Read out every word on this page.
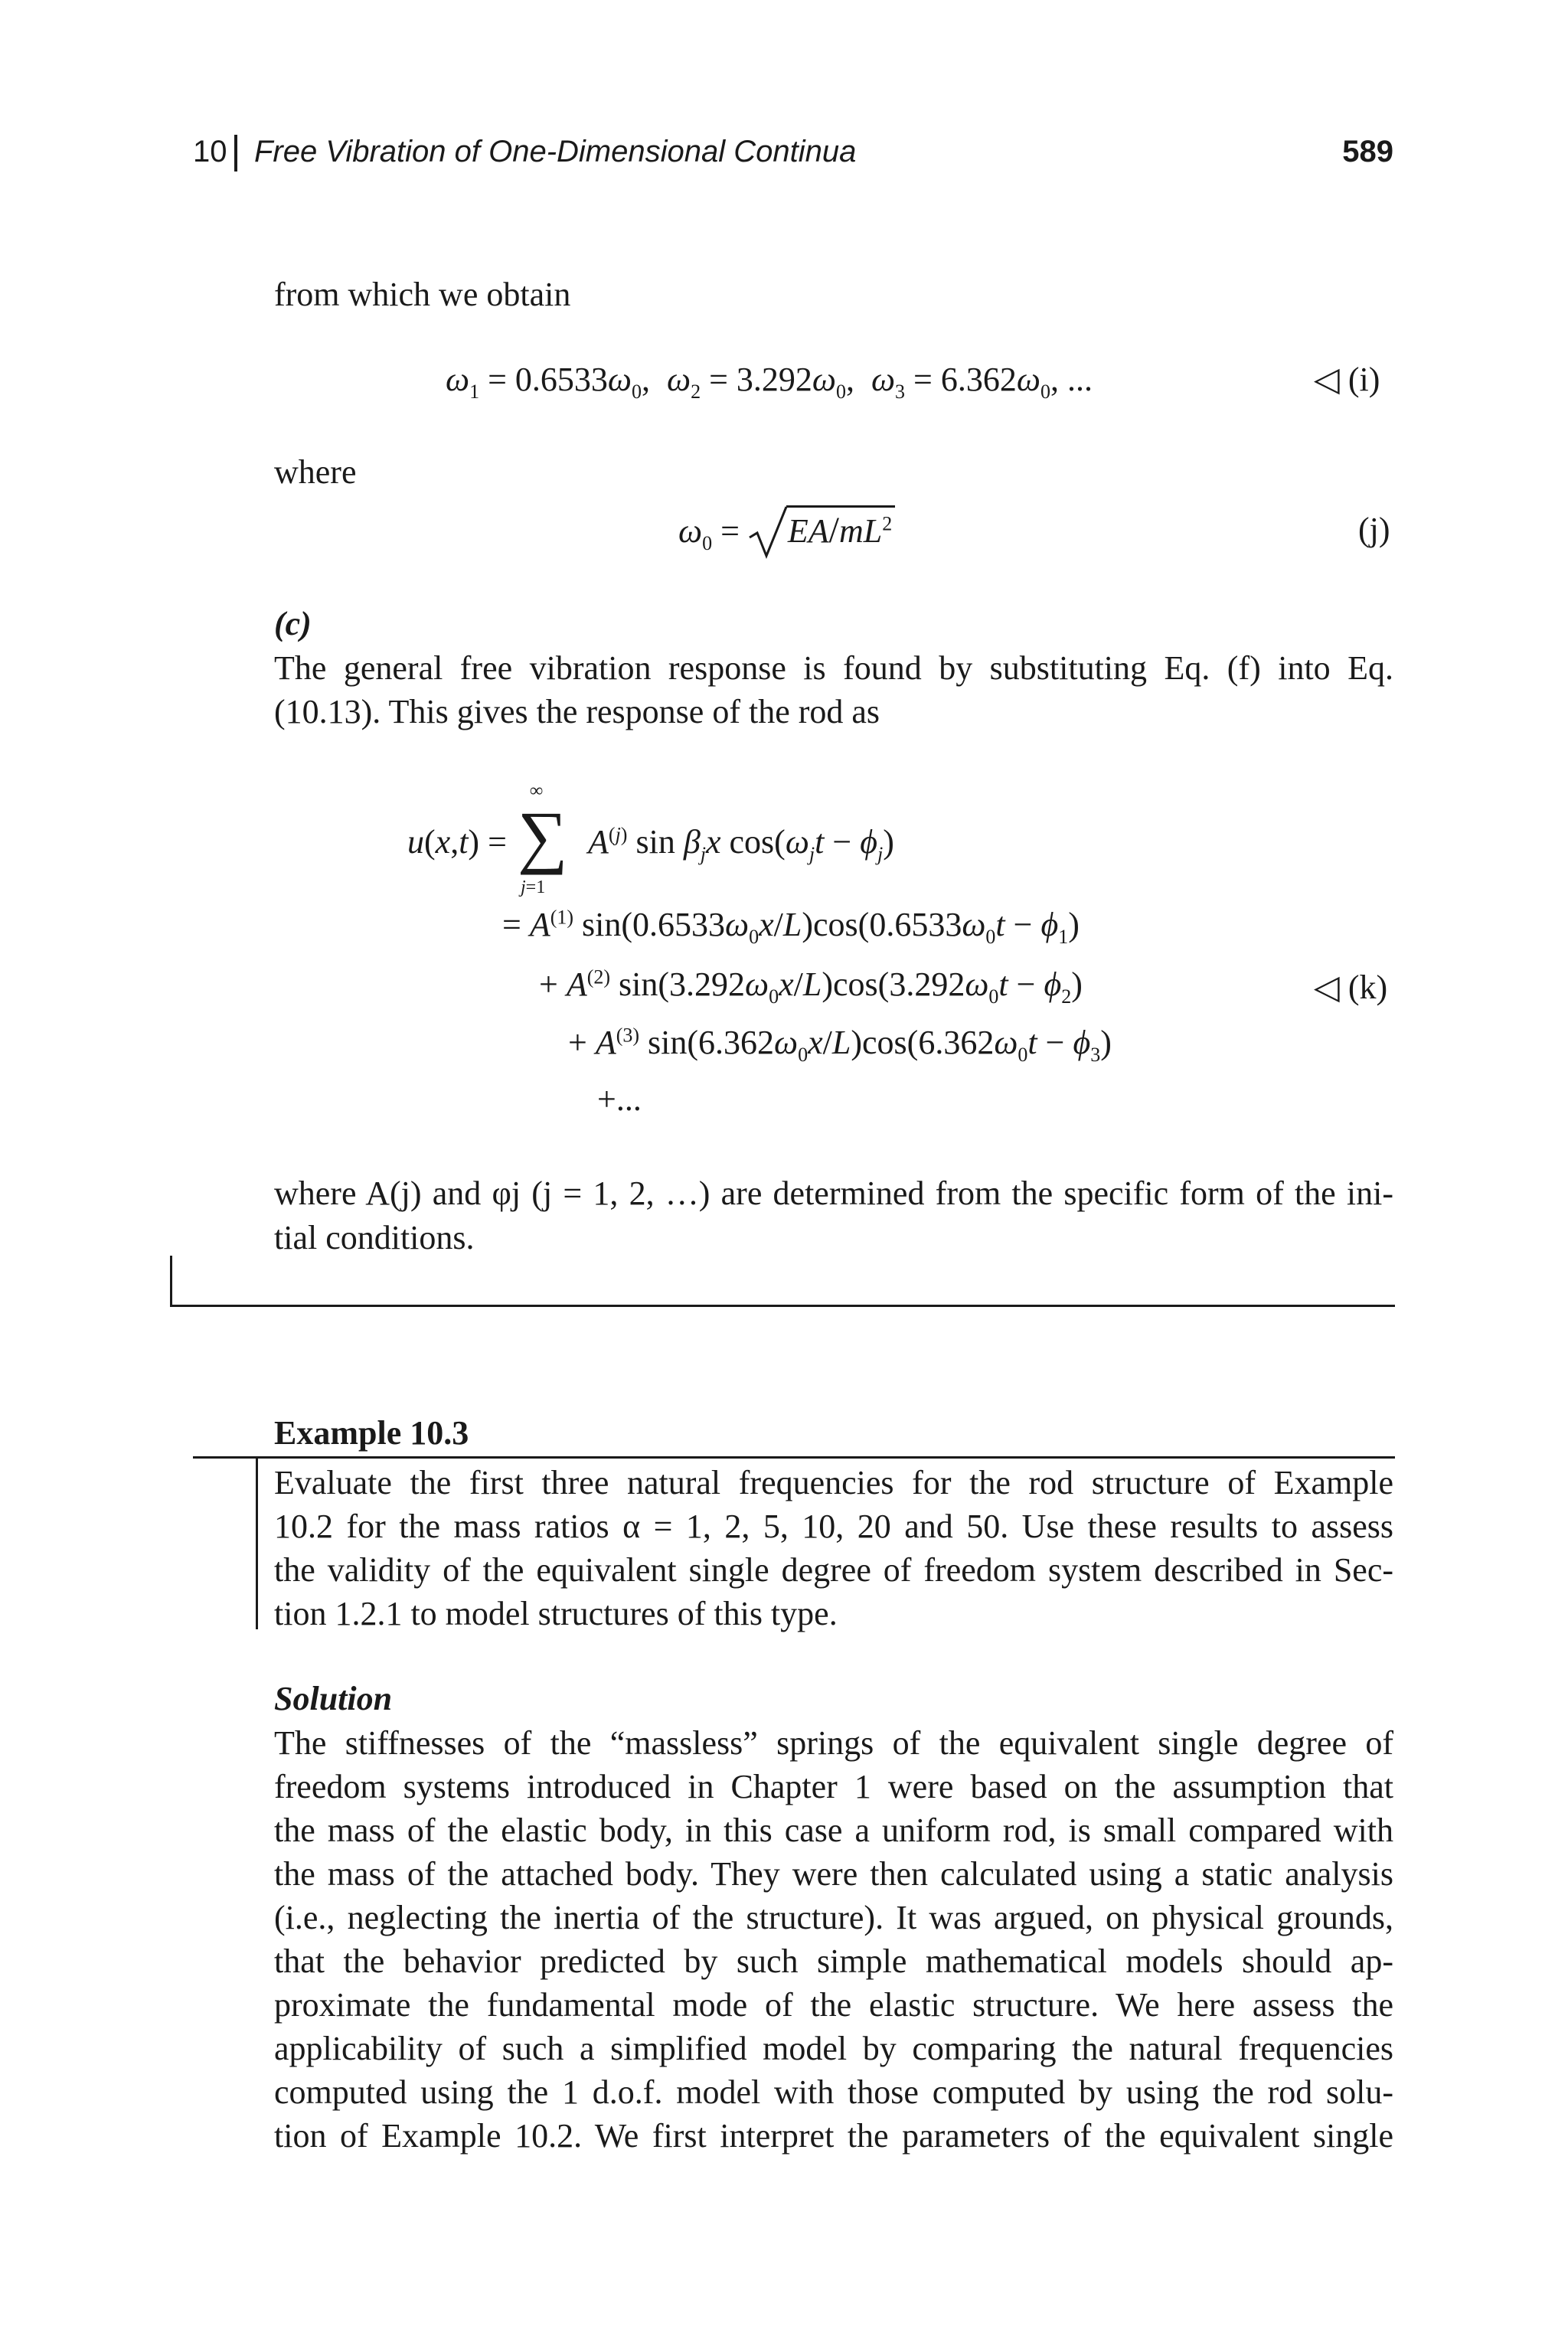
10 Free Vibration of One-Dimensional Continua	589
from which we obtain
$\omega_1 = 0.6533\omega_0$,  $\omega_2 = 3.292\omega_0$,  $\omega_3 = 6.362\omega_0$, ...	◁ (i)
where
$\omega_0 = EA/mL^2$	(j)
(c)
The general free vibration response is found by substituting Eq. (f) into Eq.
(10.13). This gives the response of the rod as
u(x,t) =
∞
∑
j=1
$A^{(j)}$ $\sin \beta_jx$ $\cos(\omega_jt - \phi_j)$
= $A^{(1)}$ $\sin(0.6533\omega_0x/L)\cos(0.6533\omega_0t - \phi_1)$
+ $A^{(2)}$ $\sin(3.292\omega_0x/L)\cos(3.292\omega_0t - \phi_2)$	◁ (k)
+ $A^{(3)}$ $\sin(6.362\omega_0x/L)\cos(6.362\omega_0t - \phi_3)$
+...
where A(j) and φj (j = 1, 2, …) are determined from the specific form of the ini-
tial conditions.
Example 10.3
Evaluate the first three natural frequencies for the rod structure of Example
10.2 for the mass ratios α = 1, 2, 5, 10, 20 and 50. Use these results to assess
the validity of the equivalent single degree of freedom system described in Sec-
tion 1.2.1 to model structures of this type.
Solution
The stiffnesses of the “massless” springs of the equivalent single degree of
freedom systems introduced in Chapter 1 were based on the assumption that
the mass of the elastic body, in this case a uniform rod, is small compared with
the mass of the attached body. They were then calculated using a static analysis
(i.e., neglecting the inertia of the structure). It was argued, on physical grounds,
that the behavior predicted by such simple mathematical models should ap-
proximate the fundamental mode of the elastic structure. We here assess the
applicability of such a simplified model by comparing the natural frequencies
computed using the 1 d.o.f. model with those computed by using the rod solu-
tion of Example 10.2. We first interpret the parameters of the equivalent single
